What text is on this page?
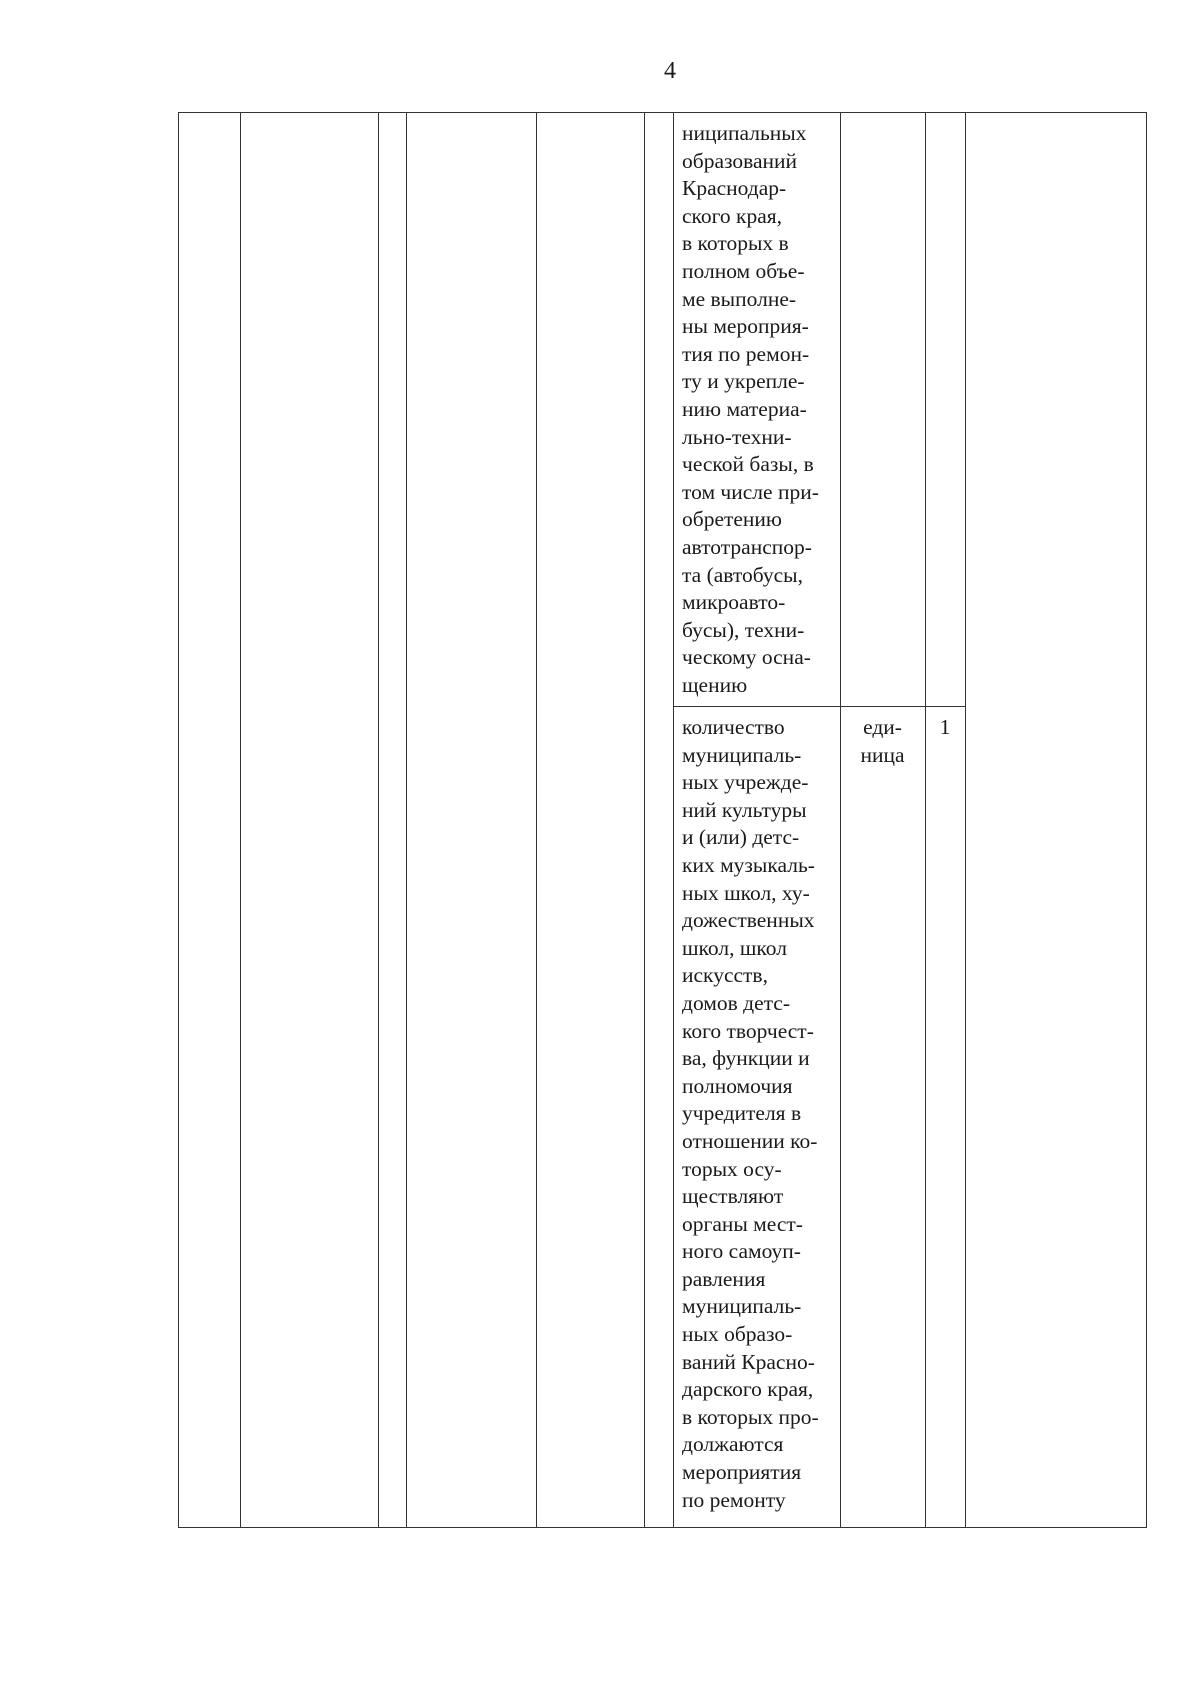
4
ниципальных
образований
Краснодар-
ского края,
в которых в
полном объе-
ме выполне-
ны мероприя-
тия по ремон-
ту и укрепле-
нию материа-
льно-техни-
ческой базы, в
том числе при-
обретению
автотранспор-
та (автобусы,
микроавто-
бусы), техни-
ческому осна-
щению
количество
муниципаль-
ных учрежде-
ний культуры
и (или) детс-
ких музыкаль-
ных школ, ху-
дожественных
школ, школ
искусств,
домов детс-
кого творчест-
ва, функции и
полномочия
учредителя в
отношении ко-
торых осу-
ществляют
органы мест-
ного самоуп-
равления
муниципаль-
ных образо-
ваний Красно-
дарского края,
в которых про-
должаются
мероприятия
по ремонту
еди-
ница
1
